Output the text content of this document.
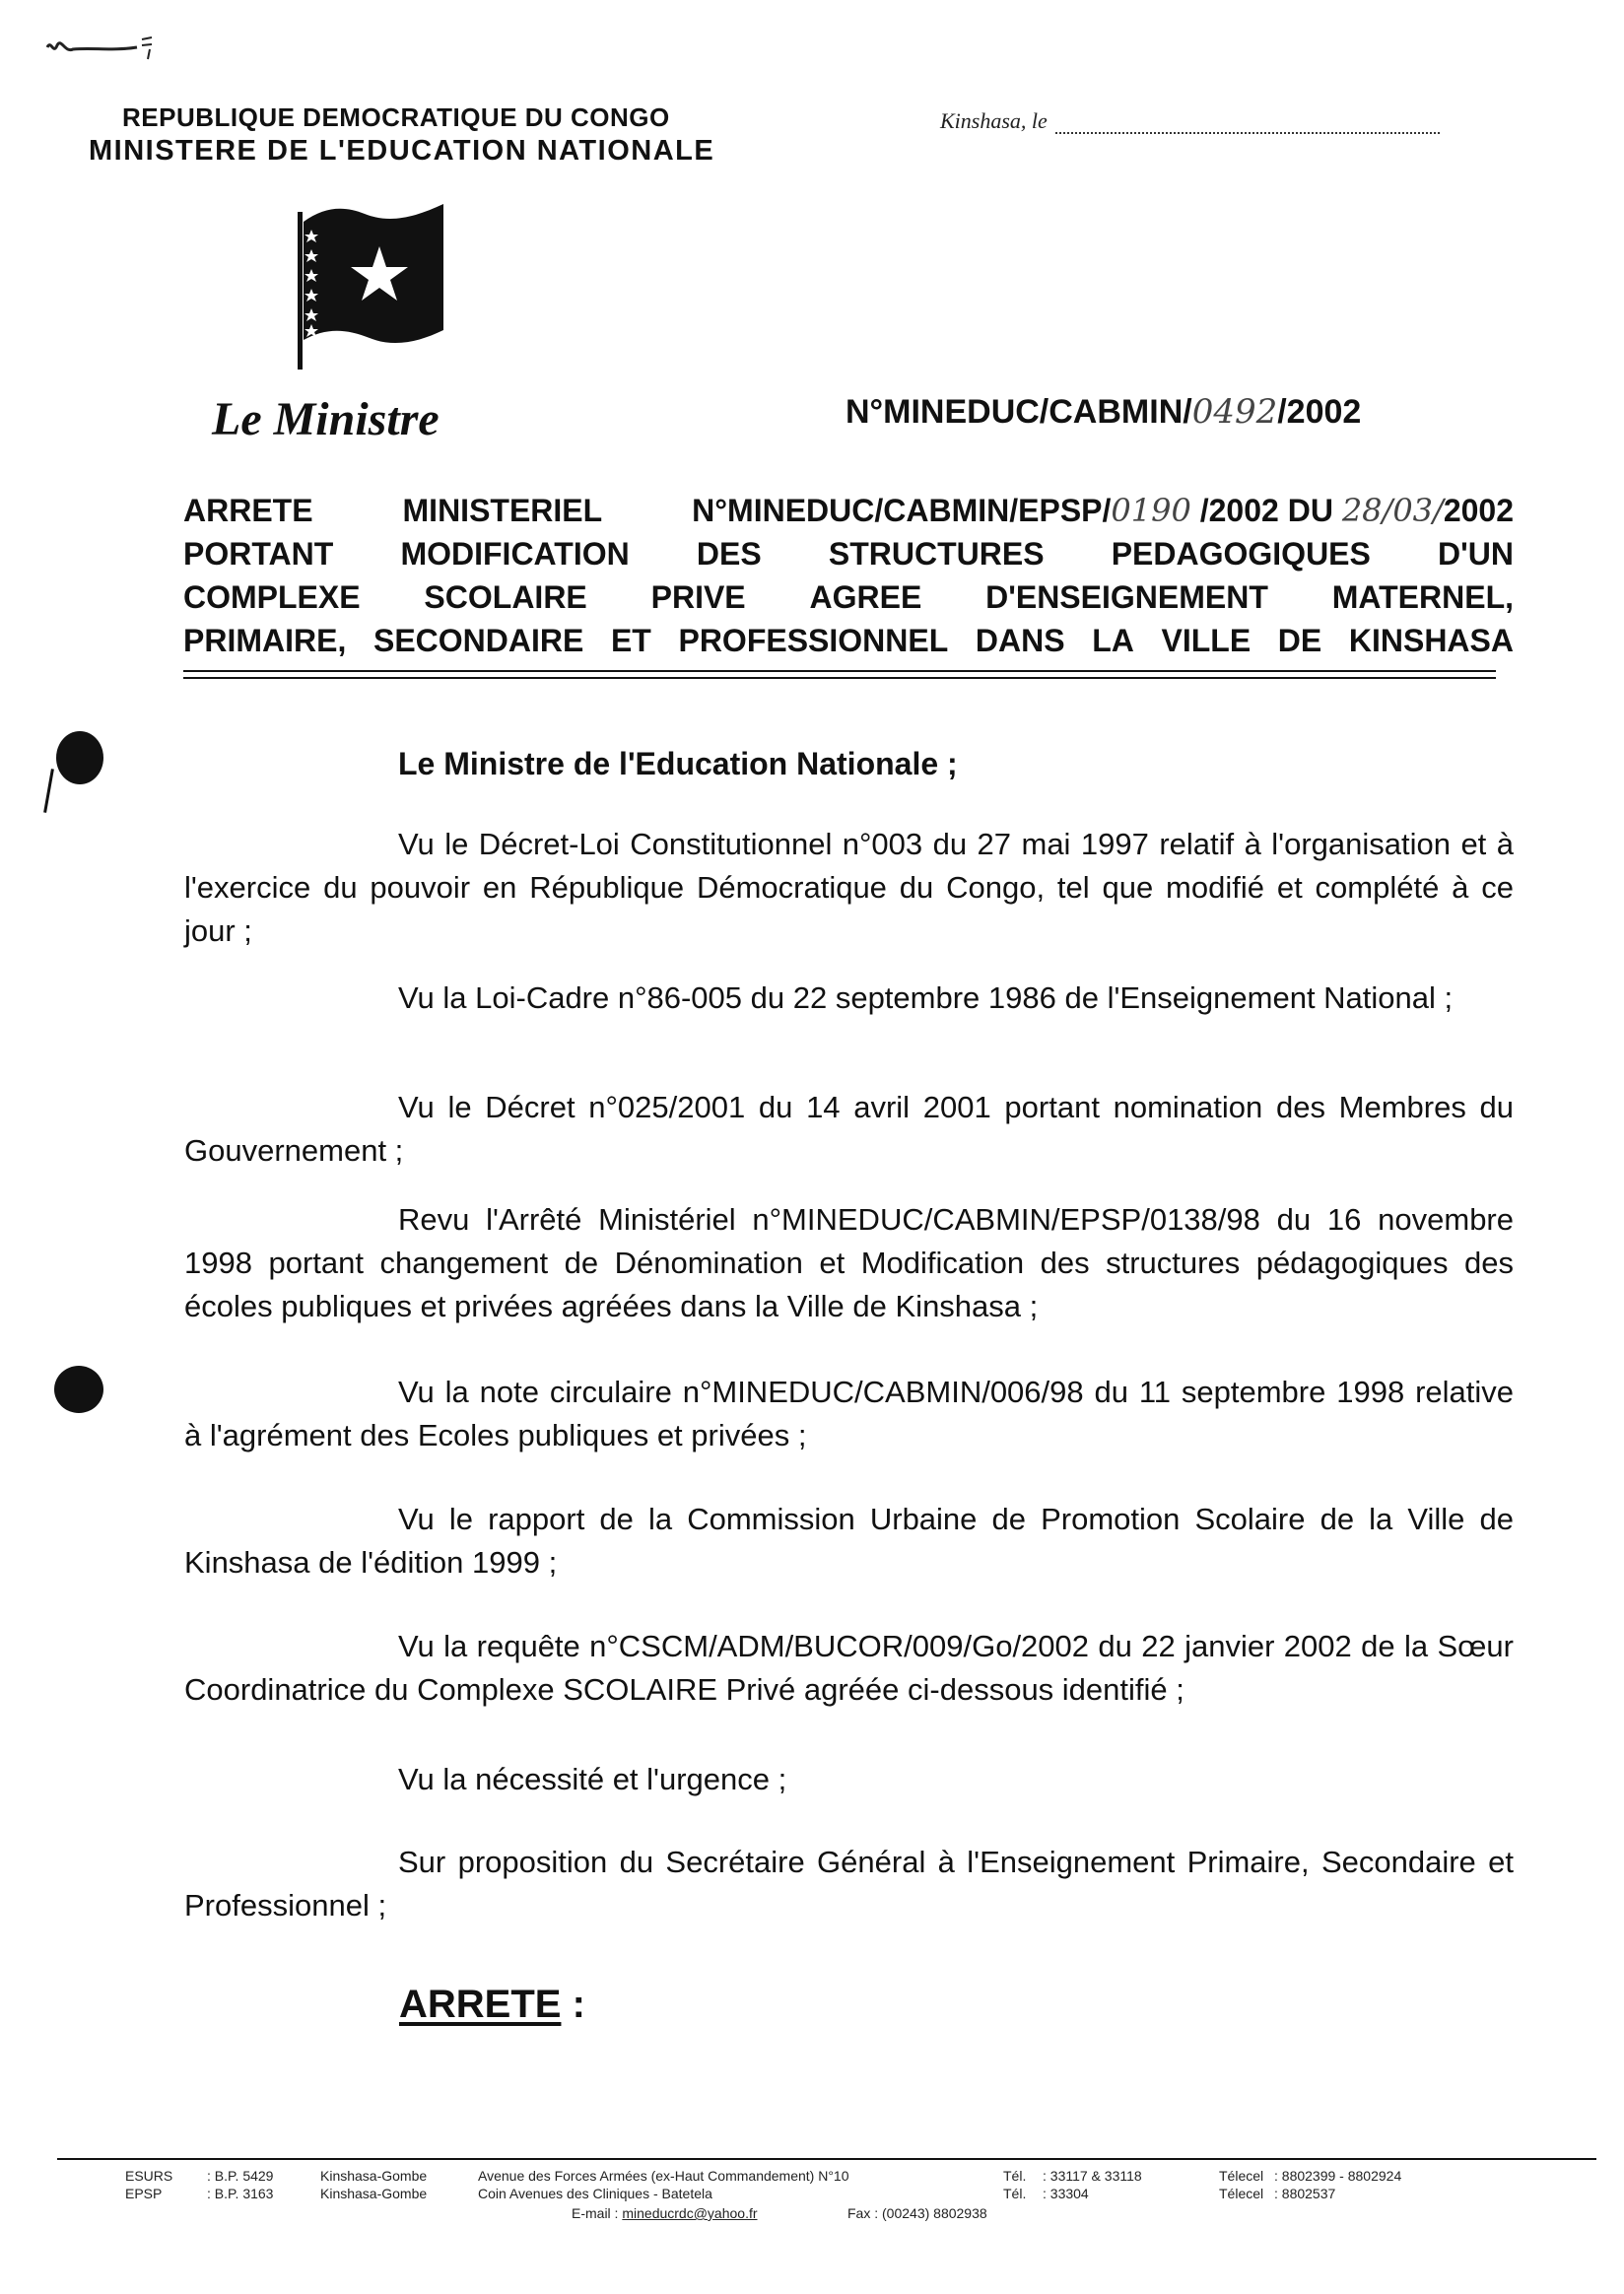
REPUBLIQUE DEMOCRATIQUE DU CONGO
MINISTERE DE L'EDUCATION NATIONALE
Kinshasa, le
Le Ministre	N°MINEDUC/CABMIN/0492/2002
ARRETE	MINISTERIEL	N°MINEDUC/CABMIN/EPSP/0190 /2002 DU 28/03/2002
PORTANT MODIFICATION DES STRUCTURES PEDAGOGIQUES D'UN
COMPLEXE SCOLAIRE PRIVE AGREE D'ENSEIGNEMENT MATERNEL,
PRIMAIRE, SECONDAIRE ET PROFESSIONNEL DANS LA VILLE DE KINSHASA
Le Ministre de l'Education Nationale ;

Vu le Décret-Loi Constitutionnel n°003 du 27 mai 1997 relatif à l'organisation et à l'exercice du pouvoir en République Démocratique du Congo, tel que modifié et complété à ce jour ;

Vu la Loi-Cadre n°86-005 du 22 septembre 1986 de l'Enseignement National ;

Vu le Décret n°025/2001 du 14 avril 2001 portant nomination des Membres du Gouvernement ;

Revu l'Arrêté Ministériel n°MINEDUC/CABMIN/EPSP/0138/98 du 16 novembre 1998 portant changement de Dénomination et Modification des structures pédagogiques des écoles publiques et privées agréées dans la Ville de Kinshasa ;

Vu la note circulaire n°MINEDUC/CABMIN/006/98 du 11 septembre 1998 relative à l'agrément des Ecoles publiques et privées ;

Vu le rapport de la Commission Urbaine de Promotion Scolaire de la Ville de Kinshasa de l'édition 1999 ;

Vu la requête n°CSCM/ADM/BUCOR/009/Go/2002 du 22 janvier 2002 de la Sœur Coordinatrice du Complexe SCOLAIRE Privé agréée ci-dessous identifié ;

Vu la nécessité et l'urgence ;

Sur proposition du Secrétaire Général à l'Enseignement Primaire, Secondaire et Professionnel ;

ARRETE :
ESURS : B.P. 5429	Kinshasa-Gombe	Avenue des Forces Armées (ex-Haut Commandement) N°10	Tél. : 33117 & 33118	Télecel : 8802399 - 8802924
EPSP	: B.P. 3163	Kinshasa-Gombe	Coin Avenues des Cliniques - Batetela	Tél. : 33304	Télecel : 8802537
E-mail : mineducrdc@yahoo.fr	Fax : (00243) 8802938
